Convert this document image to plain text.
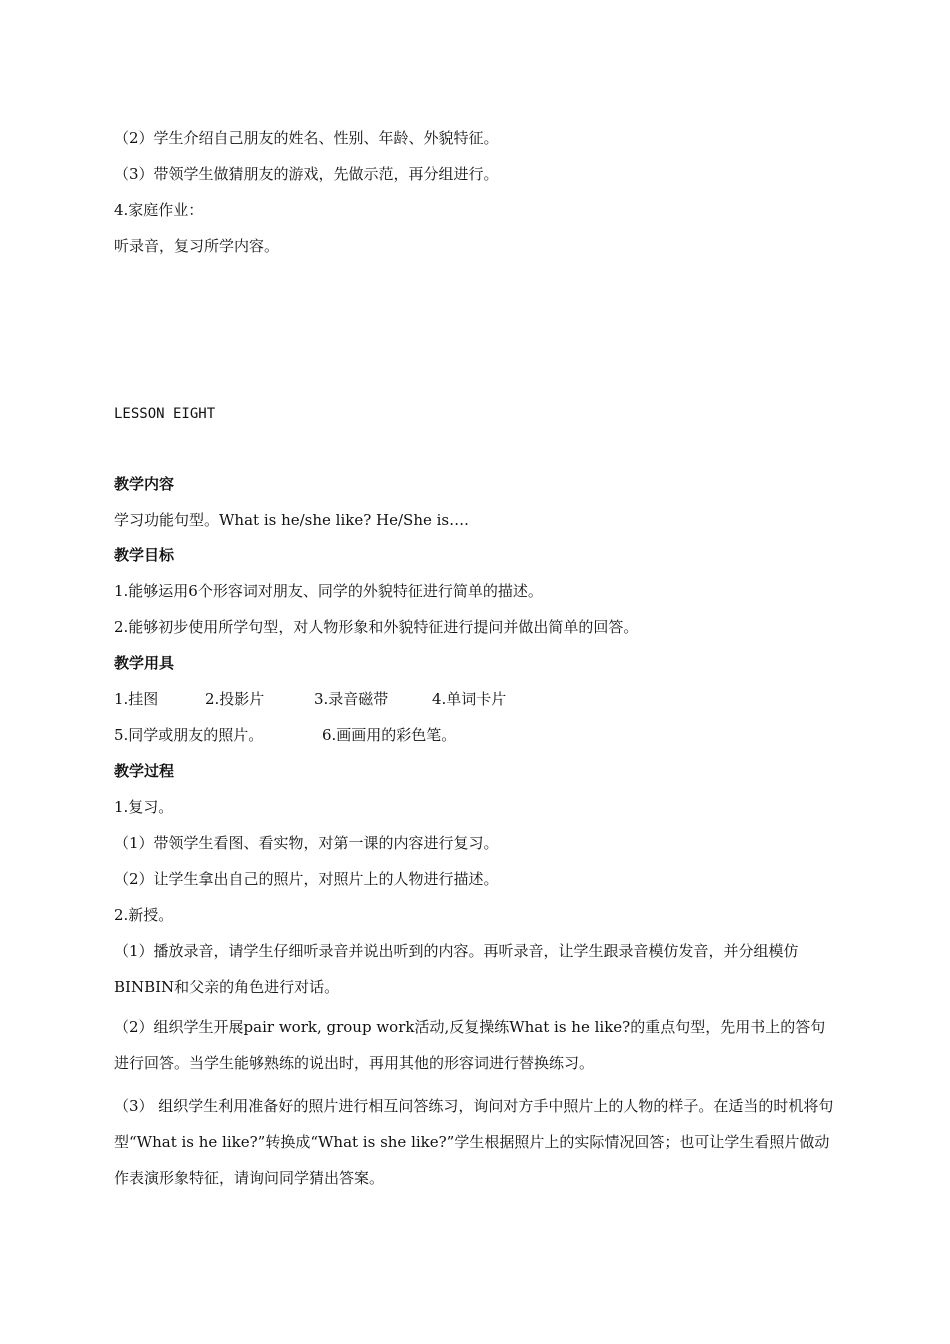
（2）学生介绍自己朋友的姓名、性别、年龄、外貌特征。
（3）带领学生做猜朋友的游戏，先做示范，再分组进行。
4.家庭作业：
听录音，复习所学内容。
LESSON EIGHT
教学内容
学习功能句型。What is he/she like? He/She is….
教学目标
1.能够运用6个形容词对朋友、同学的外貌特征进行简单的描述。
2.能够初步使用所学句型，对人物形象和外貌特征进行提问并做出简单的回答。
教学用具
1.挂图	2.投影片	3.录音磁带	4.单词卡片
5.同学或朋友的照片。	6.画画用的彩色笔。
教学过程
1.复习。
（1）带领学生看图、看实物，对第一课的内容进行复习。
（2）让学生拿出自己的照片，对照片上的人物进行描述。
2.新授。
（1）播放录音，请学生仔细听录音并说出听到的内容。再听录音，让学生跟录音模仿发音，并分组模仿BINBIN和父亲的角色进行对话。
（2）组织学生开展pair work, group work活动,反复操练What is he like?的重点句型，先用书上的答句进行回答。当学生能够熟练的说出时，再用其他的形容词进行替换练习。
（3） 组织学生利用准备好的照片进行相互问答练习，询问对方手中照片上的人物的样子。在适当的时机将句型“What is he like?”转换成“What is she like?”学生根据照片上的实际情况回答；也可让学生看照片做动作表演形象特征，请询问同学猜出答案。
